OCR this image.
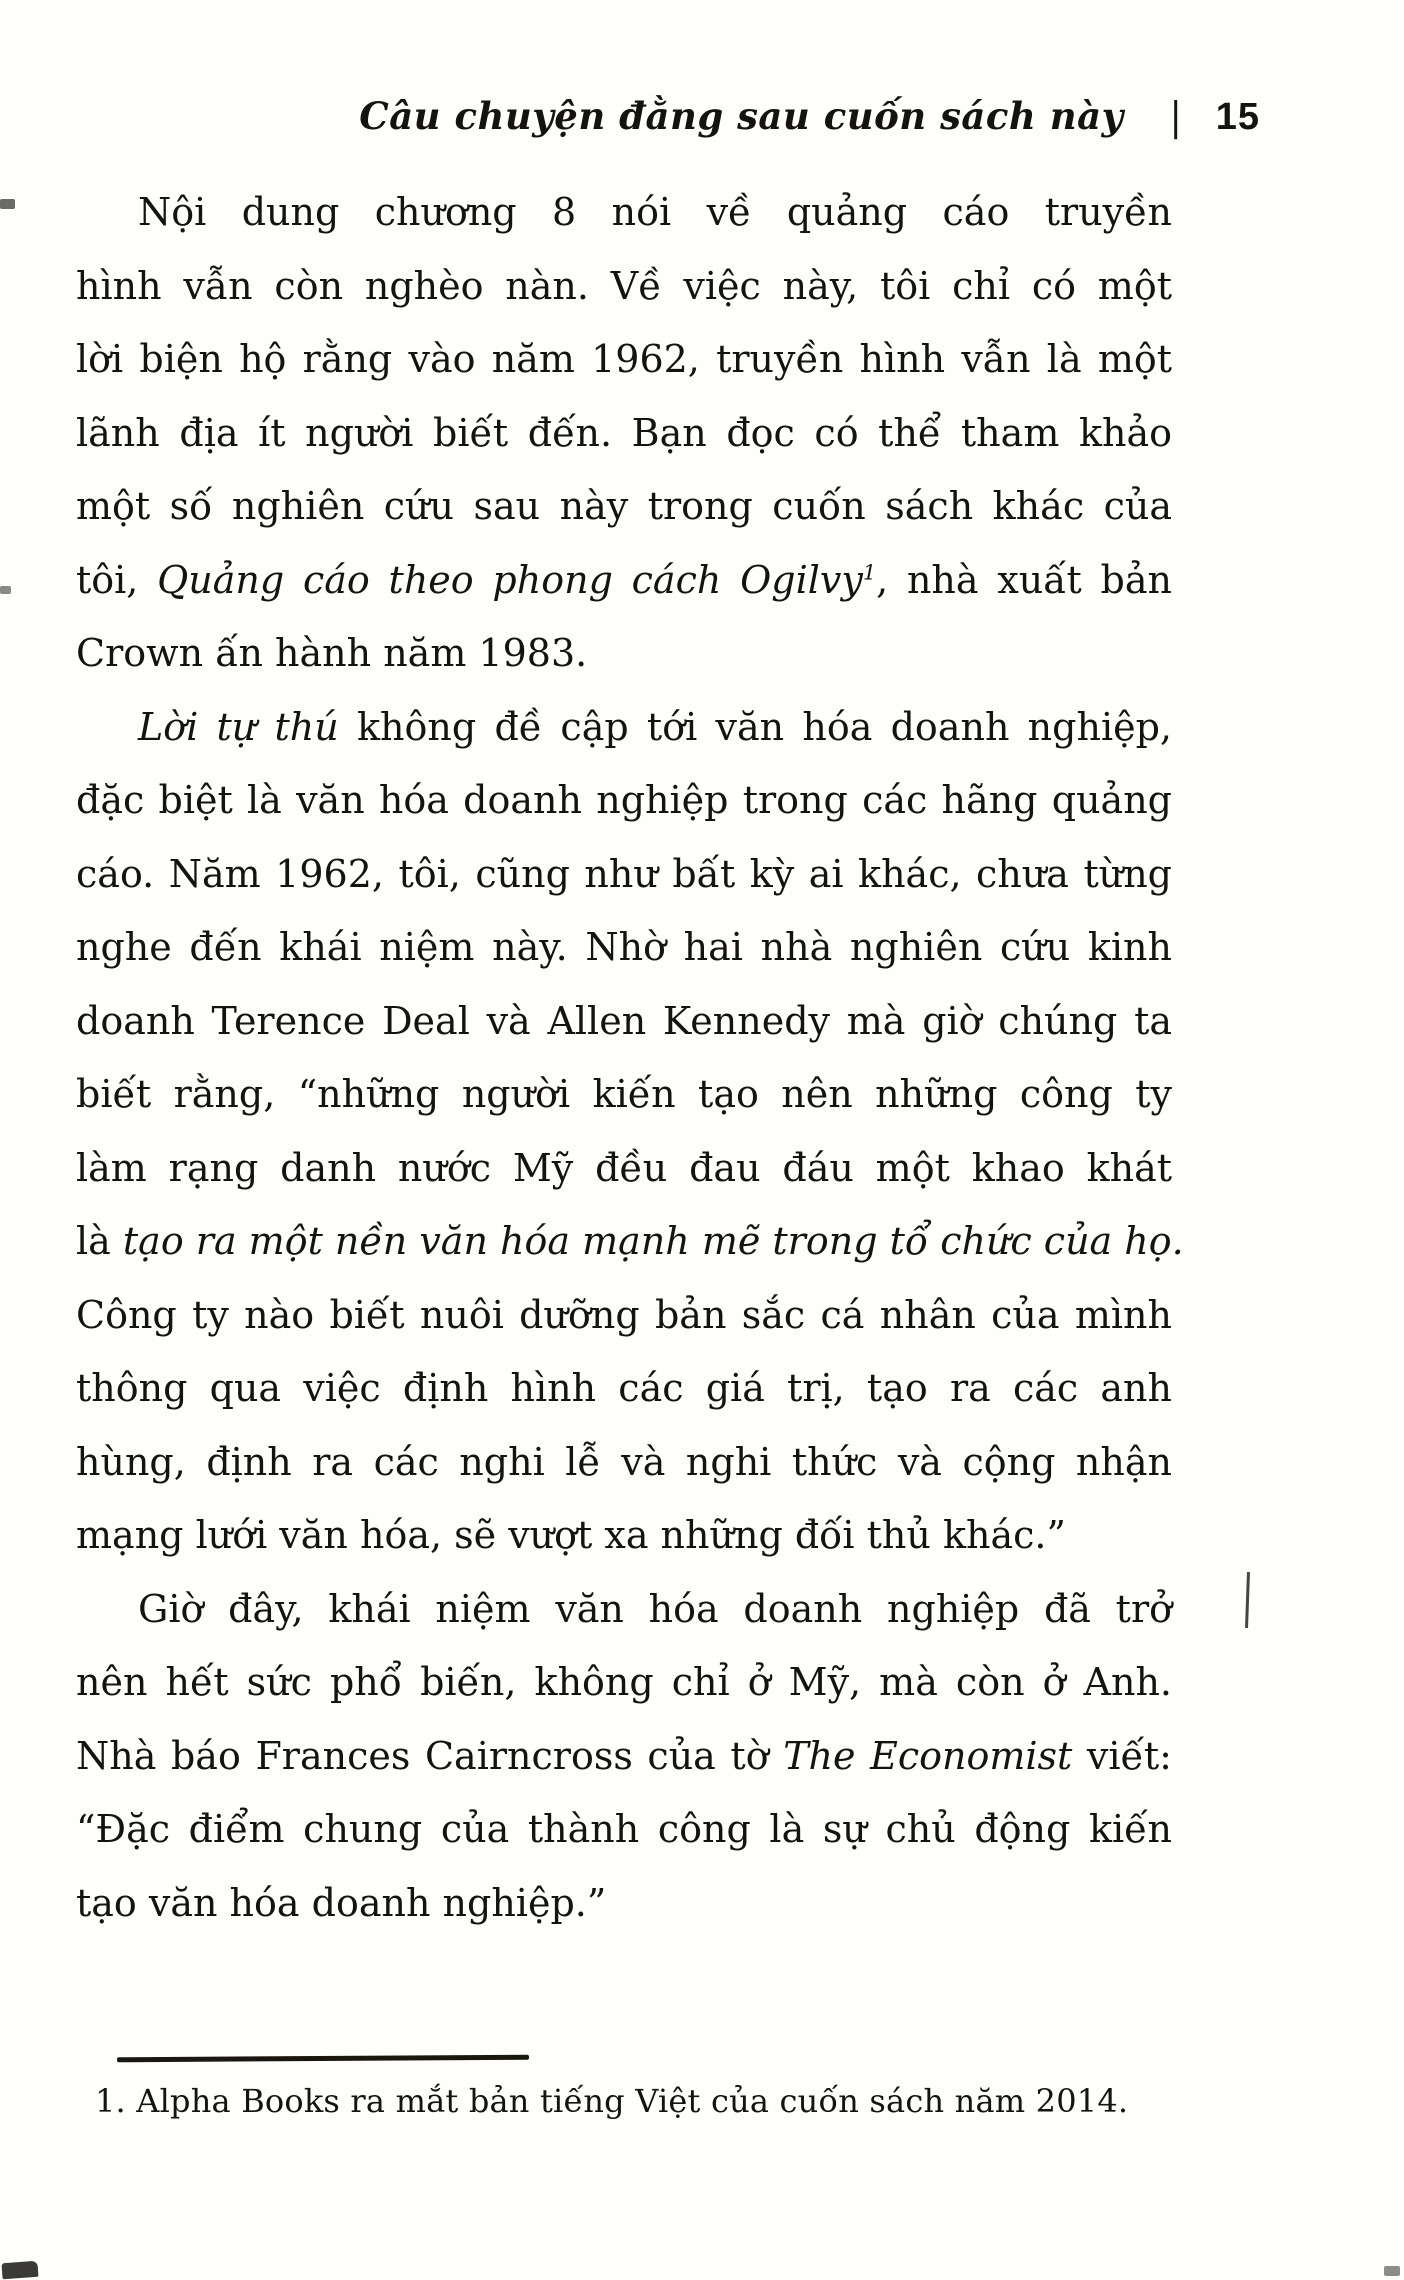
Câu chuyện đằng sau cuốn sách này | 15
Nội dung chương 8 nói về quảng cáo truyền
hình vẫn còn nghèo nàn. Về việc này, tôi chỉ có một
lời biện hộ rằng vào năm 1962, truyền hình vẫn là một
lãnh địa ít người biết đến. Bạn đọc có thể tham khảo
một số nghiên cứu sau này trong cuốn sách khác của
tôi, Quảng cáo theo phong cách Ogilvy$^1$, nhà xuất bản
Crown ấn hành năm 1983.
Lời tự thú không đề cập tới văn hóa doanh nghiệp,
đặc biệt là văn hóa doanh nghiệp trong các hãng quảng
cáo. Năm 1962, tôi, cũng như bất kỳ ai khác, chưa từng
nghe đến khái niệm này. Nhờ hai nhà nghiên cứu kinh
doanh Terence Deal và Allen Kennedy mà giờ chúng ta
biết rằng, “những người kiến tạo nên những công ty
làm rạng danh nước Mỹ đều đau đáu một khao khát
là tạo ra một nền văn hóa mạnh mẽ trong tổ chức của họ.
Công ty nào biết nuôi dưỡng bản sắc cá nhân của mình
thông qua việc định hình các giá trị, tạo ra các anh
hùng, định ra các nghi lễ và nghi thức và cộng nhận
mạng lưới văn hóa, sẽ vượt xa những đối thủ khác.”
Giờ đây, khái niệm văn hóa doanh nghiệp đã trở
nên hết sức phổ biến, không chỉ ở Mỹ, mà còn ở Anh.
Nhà báo Frances Cairncross của tờ The Economist viết:
“Đặc điểm chung của thành công là sự chủ động kiến
tạo văn hóa doanh nghiệp.”
1. Alpha Books ra mắt bản tiếng Việt của cuốn sách năm 2014.
